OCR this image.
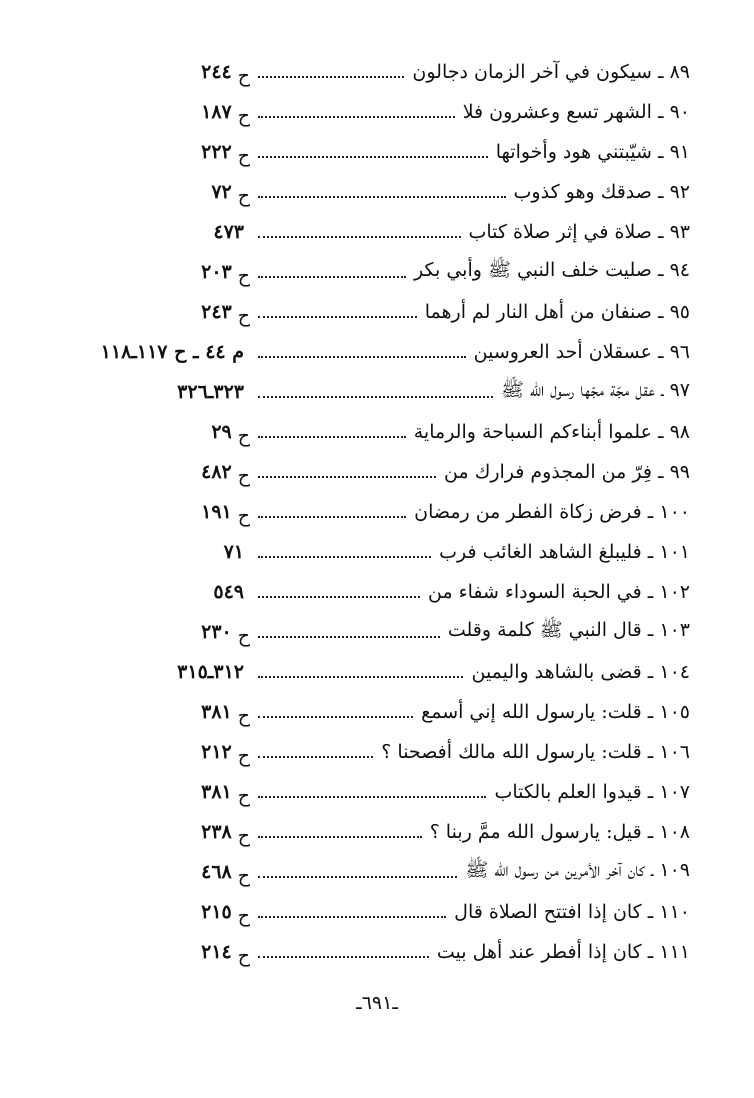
٨٩ ـ سيكون في آخر الزمان دجالون
ح
٢٤٤
٩٠ ـ الشهر تسع وعشرون فلا
ح
١٨٧
٩١ ـ شيّبتني هود وأخواتها
ح
٢٢٢
٩٢ ـ صدقك وهو كذوب
ح
٧٢
٩٣ ـ صلاة في إثر صلاة كتاب
٤٧٣
٩٤ ـ صليت خلف النبي ﷺ وأبي بكر
ح
٢٠٣
٩٥ ـ صنفان من أهل النار لم أرهما
ح
٢٤٣
٩٦ ـ عسقلان أحد العروسين
م ٤٤ ـ ح ١١٧ـ١١٨
٩٧ ـ عقل مجّة مجّها رسول الله ﷺ
٣٢٣ـ٣٢٦
٩٨ ـ علموا أبناءكم السباحة والرماية
ح
٢٩
٩٩ ـ فِرّ من المجذوم فرارك من
ح
٤٨٢
١٠٠ ـ فرض زكاة الفطر من رمضان
ح
١٩١
١٠١ ـ فليبلغ الشاهد الغائب فرب
٧١
١٠٢ ـ في الحبة السوداء شفاء من
٥٤٩
١٠٣ ـ قال النبي ﷺ كلمة وقلت
ح
٢٣٠
١٠٤ ـ قضى بالشاهد واليمين
٣١٢ـ٣١٥
١٠٥ ـ قلت: يارسول الله إني أسمع
ح
٣٨١
١٠٦ ـ قلت: يارسول الله مالك أفصحنا ؟
ح
٢١٢
١٠٧ ـ قيدوا العلم بالكتاب
ح
٣٨١
١٠٨ ـ قيل: يارسول الله ممَّ ربنا ؟
ح
٢٣٨
١٠٩ ـ كان آخر الأمرين من رسول الله ﷺ
ح
٤٦٨
١١٠ ـ كان إذا افتتح الصلاة قال
ح
٢١٥
١١١ ـ كان إذا أفطر عند أهل بيت
ح
٢١٤
ـ٦٩١ـ
